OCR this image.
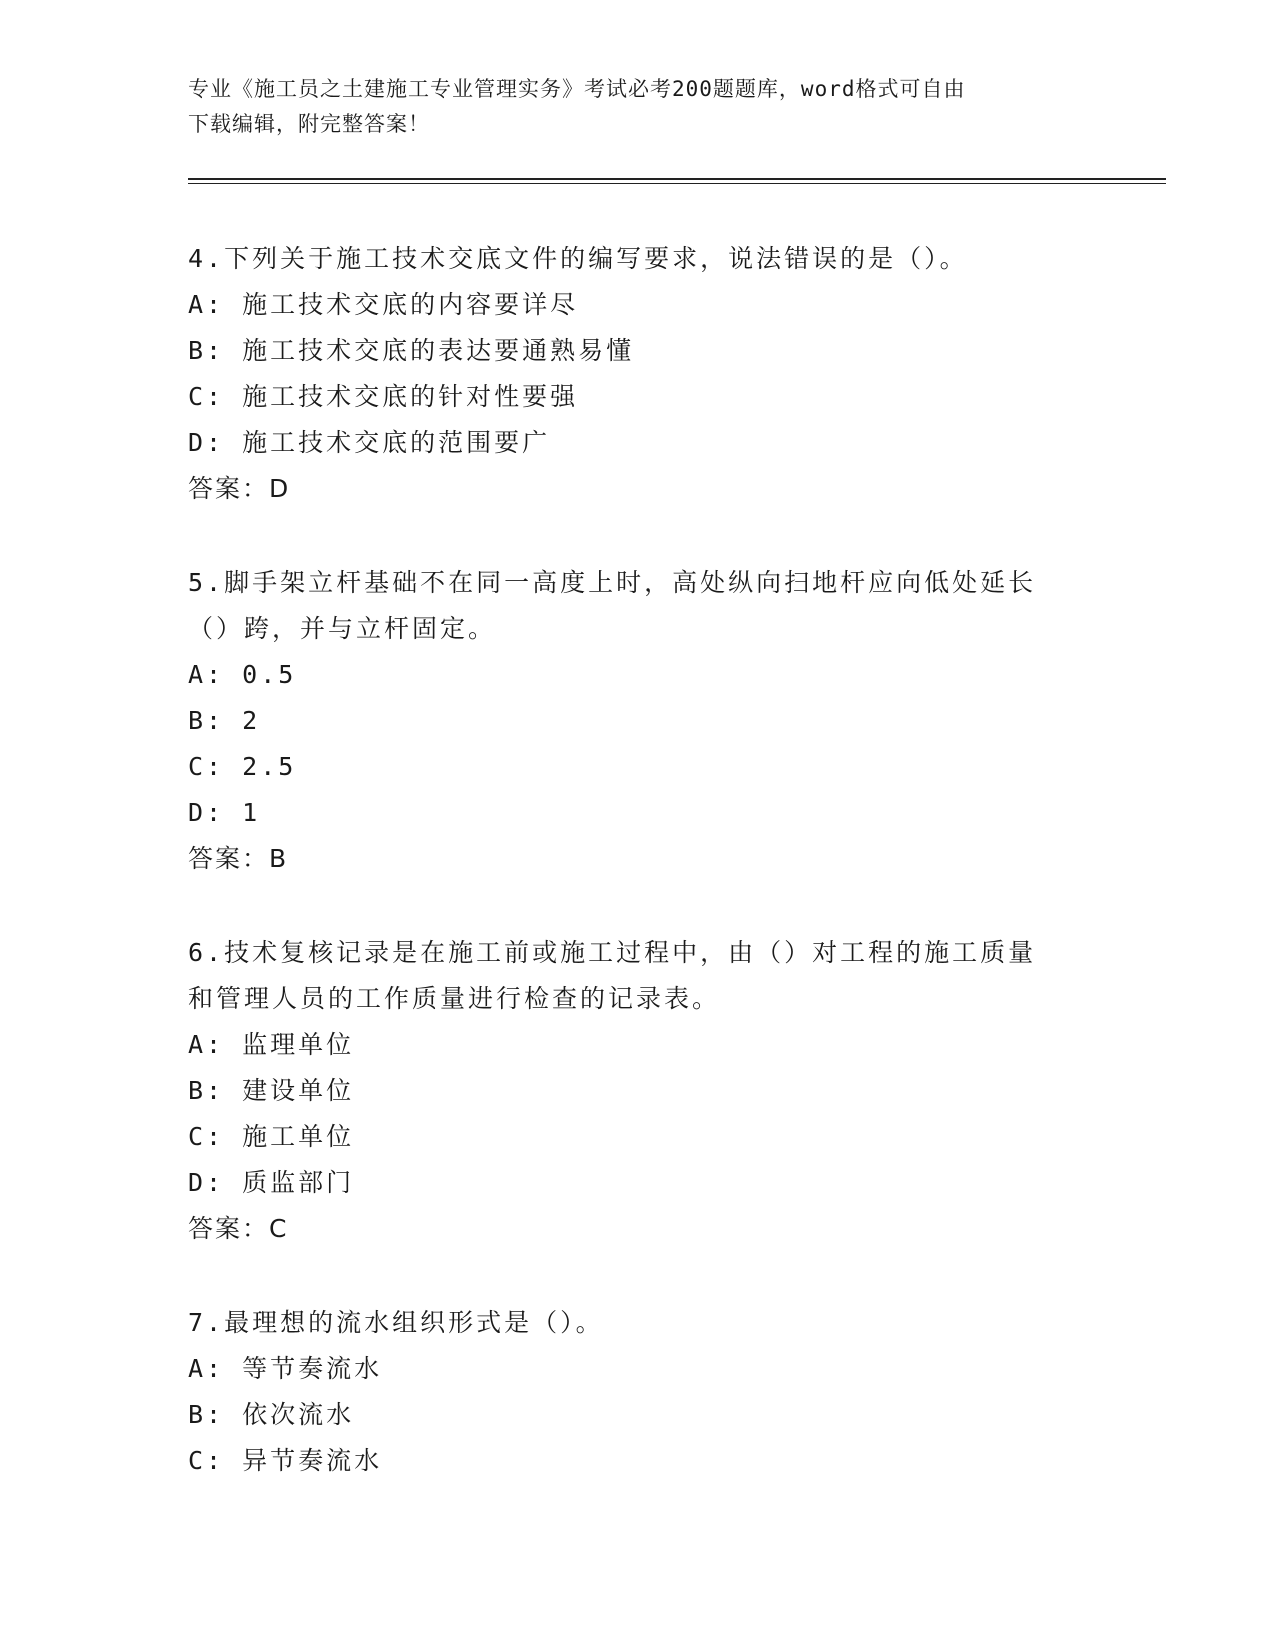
专业《施工员之土建施工专业管理实务》考试必考200题题库，word格式可自由
下载编辑，附完整答案！
4.下列关于施工技术交底文件的编写要求，说法错误的是（）。
A: 施工技术交底的内容要详尽
B: 施工技术交底的表达要通熟易懂
C: 施工技术交底的针对性要强
D: 施工技术交底的范围要广
答案：D
5.脚手架立杆基础不在同一高度上时，高处纵向扫地杆应向低处延长
（）跨，并与立杆固定。
A: 0.5
B: 2
C: 2.5
D: 1
答案：B
6.技术复核记录是在施工前或施工过程中，由（）对工程的施工质量
和管理人员的工作质量进行检查的记录表。
A: 监理单位
B: 建设单位
C: 施工单位
D: 质监部门
答案：C
7.最理想的流水组织形式是（）。
A: 等节奏流水
B: 依次流水
C: 异节奏流水
